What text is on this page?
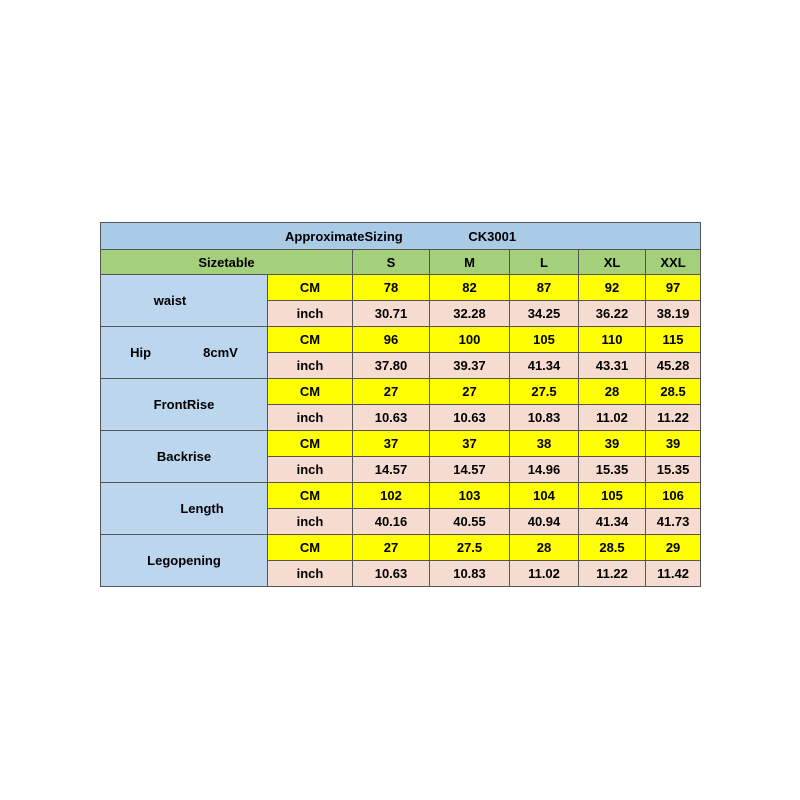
ApproximateSizing CK3001						
Sizetable		S	M	L	XL	XXL
waist	CM	78	82	87	92	97
	inch	30.71	32.28	34.25	36.22	38.19
Hip 8cmV	CM	96	100	105	110	115
	inch	37.80	39.37	41.34	43.31	45.28
FrontRise	CM	27	27	27.5	28	28.5
	inch	10.63	10.63	10.83	11.02	11.22
Backrise	CM	37	37	38	39	39
	inch	14.57	14.57	14.96	15.35	15.35
Length	CM	102	103	104	105	106
	inch	40.16	40.55	40.94	41.34	41.73
Legopening	CM	27	27.5	28	28.5	29
	inch	10.63	10.83	11.02	11.22	11.42
